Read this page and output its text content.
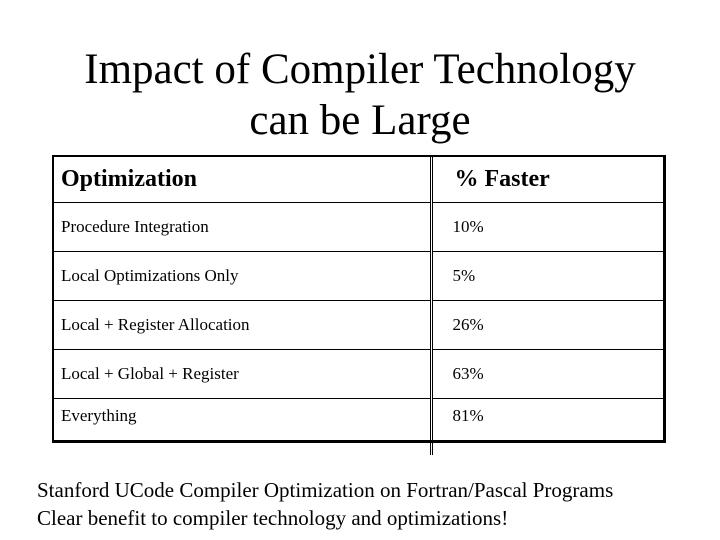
Impact of Compiler Technology
can be Large
Optimization	% Faster
Procedure Integration	10%
Local Optimizations Only	5%
Local + Register Allocation	26%
Local + Global + Register	63%
Everything	81%
Stanford UCode Compiler Optimization on Fortran/Pascal Programs
Clear benefit to compiler technology and optimizations!
